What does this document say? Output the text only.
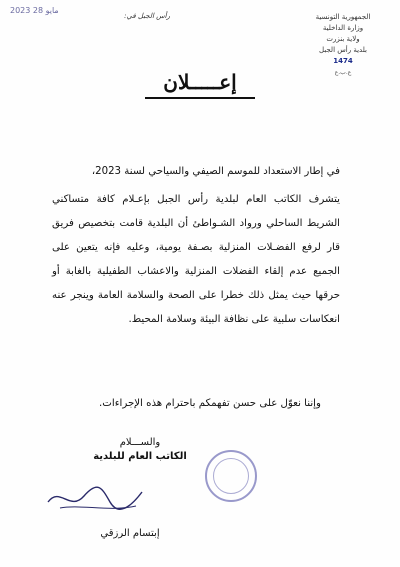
2023 مايو 28
رأس الجبل في:	الجمهورية التونسية
وزارة الداخلية
ولاية بنزرت
بلدية رأس الجبل
1474
ع.ب.ع
إعـــــلان

في إطار الاستعداد للموسم الصيفي والسياحي لسنة 2023،

يتشرف الكاتب العام لبلدية رأس الجبل بإعـلام كافة متساكني الشريط الساحلي ورواد الشـواطئ أن البلدية قامت بتخصيص فريق قار لرفع الفضـلات المنزلية بصـفة يومية، وعليه فإنه يتعين على الجميع عدم إلقاء الفضلات المنزلية والاعشاب الطفيلية بالغابة أو حرقها حيث يمثل ذلك خطرا على الصحة والسلامة العامة وينجر عنه انعكاسات سلبية على نظافة البيئة وسلامة المحيط.

وإننا نعوّل على حسن تفهمكم باحترام هذه الإجراءات.
والســـلام
الكاتب العام للبلدية
إبتسام الرزقي
